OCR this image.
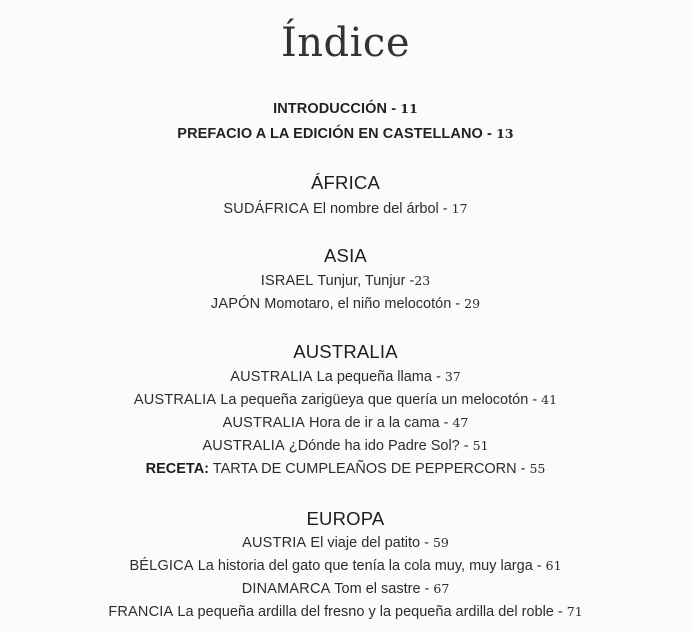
Índice
INTRODUCCIÓN - 11
PREFACIO A LA EDICIÓN EN CASTELLANO - 13
ÁFRICA
SUDÁFRICA El nombre del árbol - 17
ASIA
ISRAEL Tunjur, Tunjur -23
JAPÓN Momotaro, el niño melocotón - 29
AUSTRALIA
AUSTRALIA La pequeña llama - 37
AUSTRALIA La pequeña zarigüeya que quería un melocotón - 41
AUSTRALIA Hora de ir a la cama - 47
AUSTRALIA ¿Dónde ha ido Padre Sol? - 51
RECETA: TARTA DE CUMPLEAÑOS DE PEPPERCORN - 55
EUROPA
AUSTRIA El viaje del patito - 59
BÉLGICA La historia del gato que tenía la cola muy, muy larga - 61
DINAMARCA Tom el sastre - 67
FRANCIA La pequeña ardilla del fresno y la pequeña ardilla del roble - 71
